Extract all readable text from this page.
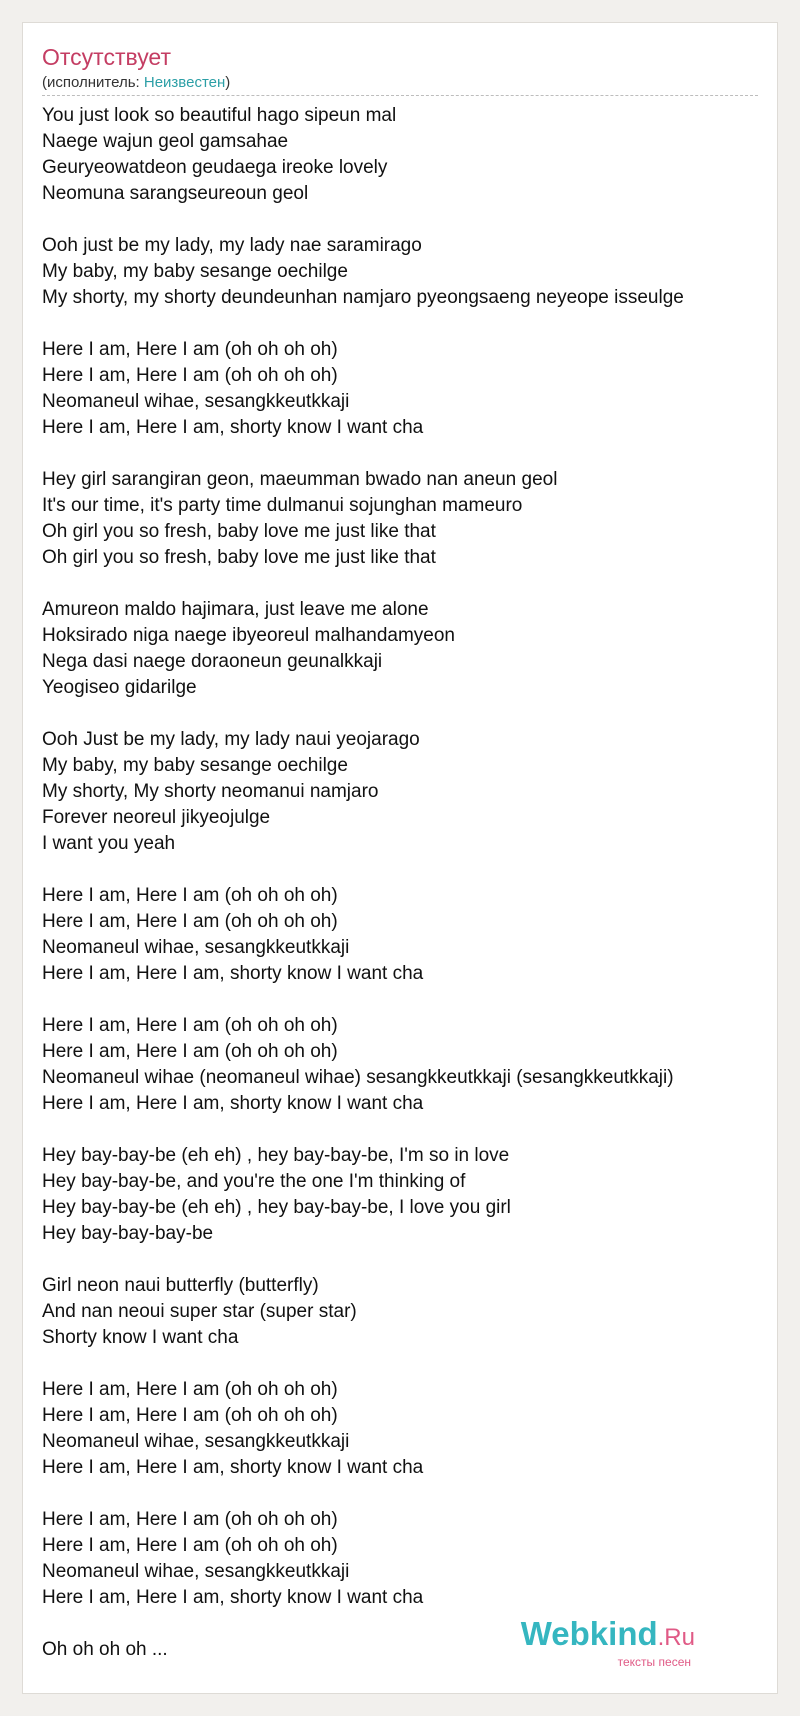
Отсутствует
(исполнитель: Неизвестен)
You just look so beautiful hago sipeun mal
Naege wajun geol gamsahae
Geuryeowatdeon geudaega ireoke lovely
Neomuna sarangseureoun geol
Ooh just be my lady, my lady nae saramirago
My baby, my baby sesange oechilge
My shorty, my shorty deundeunhan namjaro pyeongsaeng neyeope isseulge
Here I am, Here I am (oh oh oh oh)
Here I am, Here I am (oh oh oh oh)
Neomaneul wihae, sesangkkeutkkaji
Here I am, Here I am, shorty know I want cha
Hey girl sarangiran geon, maeumman bwado nan aneun geol
It's our time, it's party time dulmanui sojunghan mameuro
Oh girl you so fresh, baby love me just like that
Oh girl you so fresh, baby love me just like that
Amureon maldo hajimara, just leave me alone
Hoksirado niga naege ibyeoreul malhandamyeon
Nega dasi naege doraoneun geunalkkaji
Yeogiseo gidarilge
Ooh Just be my lady, my lady naui yeojarago
My baby, my baby sesange oechilge
My shorty, My shorty neomanui namjaro
Forever neoreul jikyeojulge
I want you yeah
Here I am, Here I am (oh oh oh oh)
Here I am, Here I am (oh oh oh oh)
Neomaneul wihae, sesangkkeutkkaji
Here I am, Here I am, shorty know I want cha
Here I am, Here I am (oh oh oh oh)
Here I am, Here I am (oh oh oh oh)
Neomaneul wihae (neomaneul wihae) sesangkkeutkkaji (sesangkkeutkkaji)
Here I am, Here I am, shorty know I want cha
Hey bay-bay-be (eh eh) , hey bay-bay-be, I'm so in love
Hey bay-bay-be, and you're the one I'm thinking of
Hey bay-bay-be (eh eh) , hey bay-bay-be, I love you girl
Hey bay-bay-bay-be
Girl neon naui butterfly (butterfly)
And nan neoui super star (super star)
Shorty know I want cha
Here I am, Here I am (oh oh oh oh)
Here I am, Here I am (oh oh oh oh)
Neomaneul wihae, sesangkkeutkkaji
Here I am, Here I am, shorty know I want cha
Here I am, Here I am (oh oh oh oh)
Here I am, Here I am (oh oh oh oh)
Neomaneul wihae, sesangkkeutkkaji
Here I am, Here I am, shorty know I want cha
Oh oh oh oh ...	Webkind.Ru
тексты песен
